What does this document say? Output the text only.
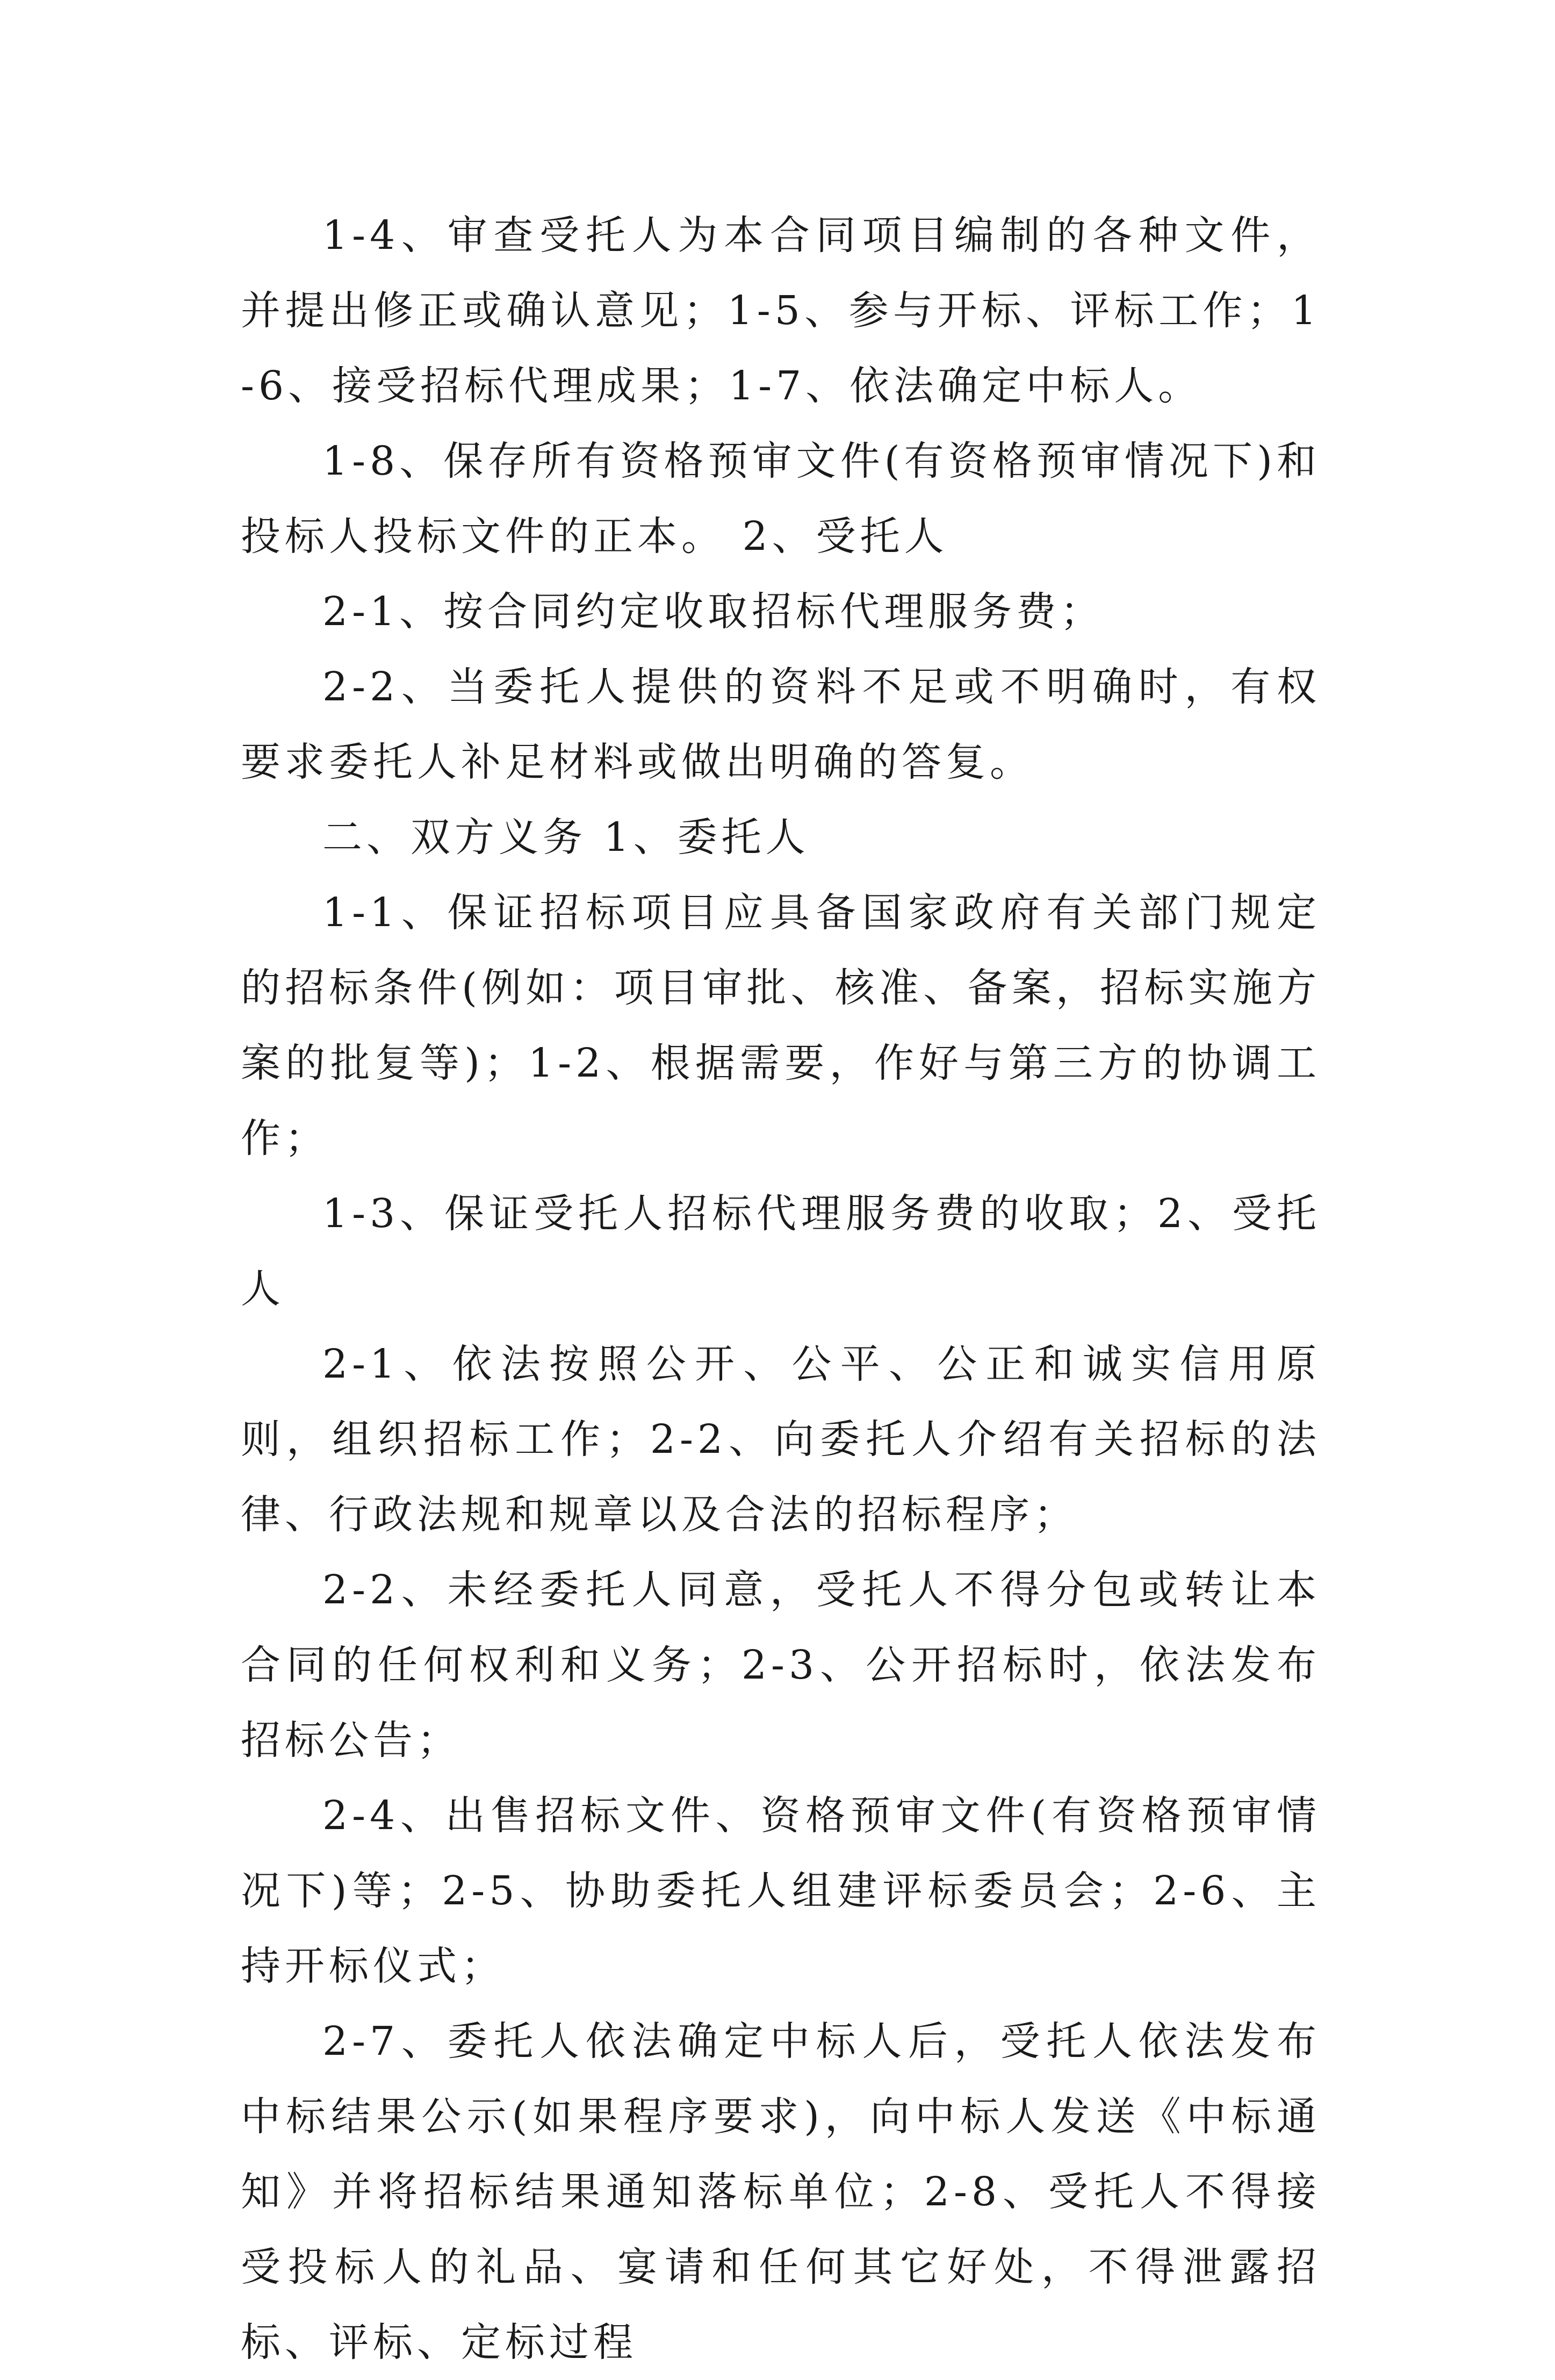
1-4、审查受托人为本合同项目编制的各种文件，并提出修正或确认意见；1-5、参与开标、评标工作；1-6、接受招标代理成果；1-7、依法确定中标人。

1-8、保存所有资格预审文件(有资格预审情况下)和投标人投标文件的正本。 2、受托人

2-1、按合同约定收取招标代理服务费；

2-2、当委托人提供的资料不足或不明确时，有权要求委托人补足材料或做出明确的答复。

二、双方义务 1、委托人

1-1、保证招标项目应具备国家政府有关部门规定的招标条件(例如：项目审批、核准、备案，招标实施方案的批复等)；1-2、根据需要，作好与第三方的协调工作；

1-3、保证受托人招标代理服务费的收取；2、受托人

2-1、依法按照公开、公平、公正和诚实信用原则，组织招标工作；2-2、向委托人介绍有关招标的法律、行政法规和规章以及合法的招标程序；

2-2、未经委托人同意，受托人不得分包或转让本合同的任何权利和义务；2-3、公开招标时，依法发布招标公告；

2-4、出售招标文件、资格预审文件(有资格预审情况下)等；2-5、协助委托人组建评标委员会；2-6、主持开标仪式；

2-7、委托人依法确定中标人后，受托人依法发布中标结果公示(如果程序要求)，向中标人发送《中标通知》并将招标结果通知落标单位；2-8、受托人不得接受投标人的礼品、宴请和任何其它好处，不得泄露招标、评标、定标过程
